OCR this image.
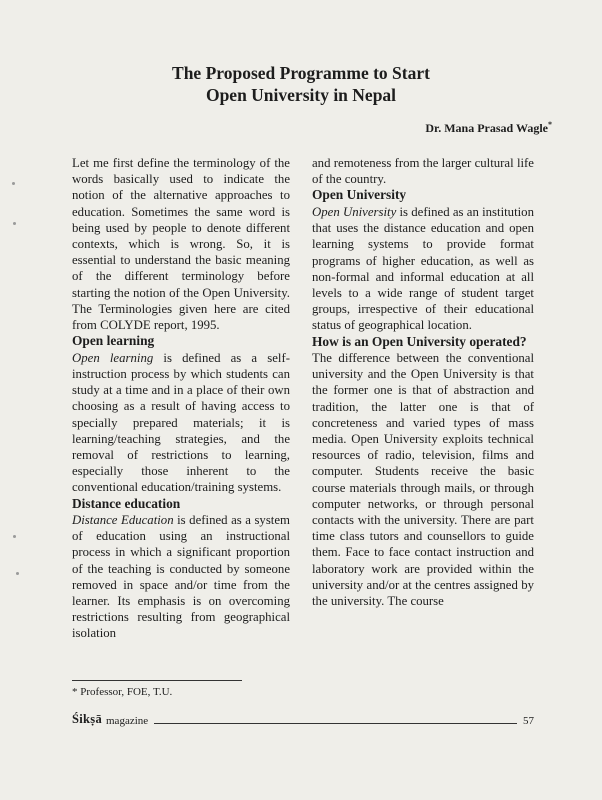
The Proposed Programme to Start
Open University in Nepal
Dr. Mana Prasad Wagle*

Let me first define the terminology of the words basically used to indicate the notion of the alternative approaches to education. Sometimes the same word is being used by people to denote different contexts, which is wrong. So, it is essential to understand the basic meaning of the different terminology before starting the notion of the Open University. The Terminologies given here are cited from COLYDE report, 1995.

Open learning

Open learning is defined as a self-instruction process by which students can study at a time and in a place of their own choosing as a result of having access to specially prepared materials; it is learning/teaching strategies, and the removal of restrictions to learning, especially those inherent to the conventional education/training systems.

Distance education

Distance Education is defined as a system of education using an instructional process in which a significant proportion of the teaching is conducted by someone removed in space and/or time from the learner. Its emphasis is on overcoming restrictions resulting from geographical isolation

and remoteness from the larger cultural life of the country.

Open University

Open University is defined as an institution that uses the distance education and open learning systems to provide format programs of higher education, as well as non-formal and informal education at all levels to a wide range of student target groups, irrespective of their educational status of geographical location.

How is an Open University operated?

The difference between the conventional university and the Open University is that the former one is that of abstraction and tradition, the latter one is that of concreteness and varied types of mass media. Open University exploits technical resources of radio, television, films and computer. Students receive the basic course materials through mails, or through computer networks, or through personal contacts with the university. There are part time class tutors and counsellors to guide them. Face to face contact instruction and laboratory work are provided within the university and/or at the centres assigned by the university. The course

* Professor, FOE, T.U.
Śikṣā magazine	57
